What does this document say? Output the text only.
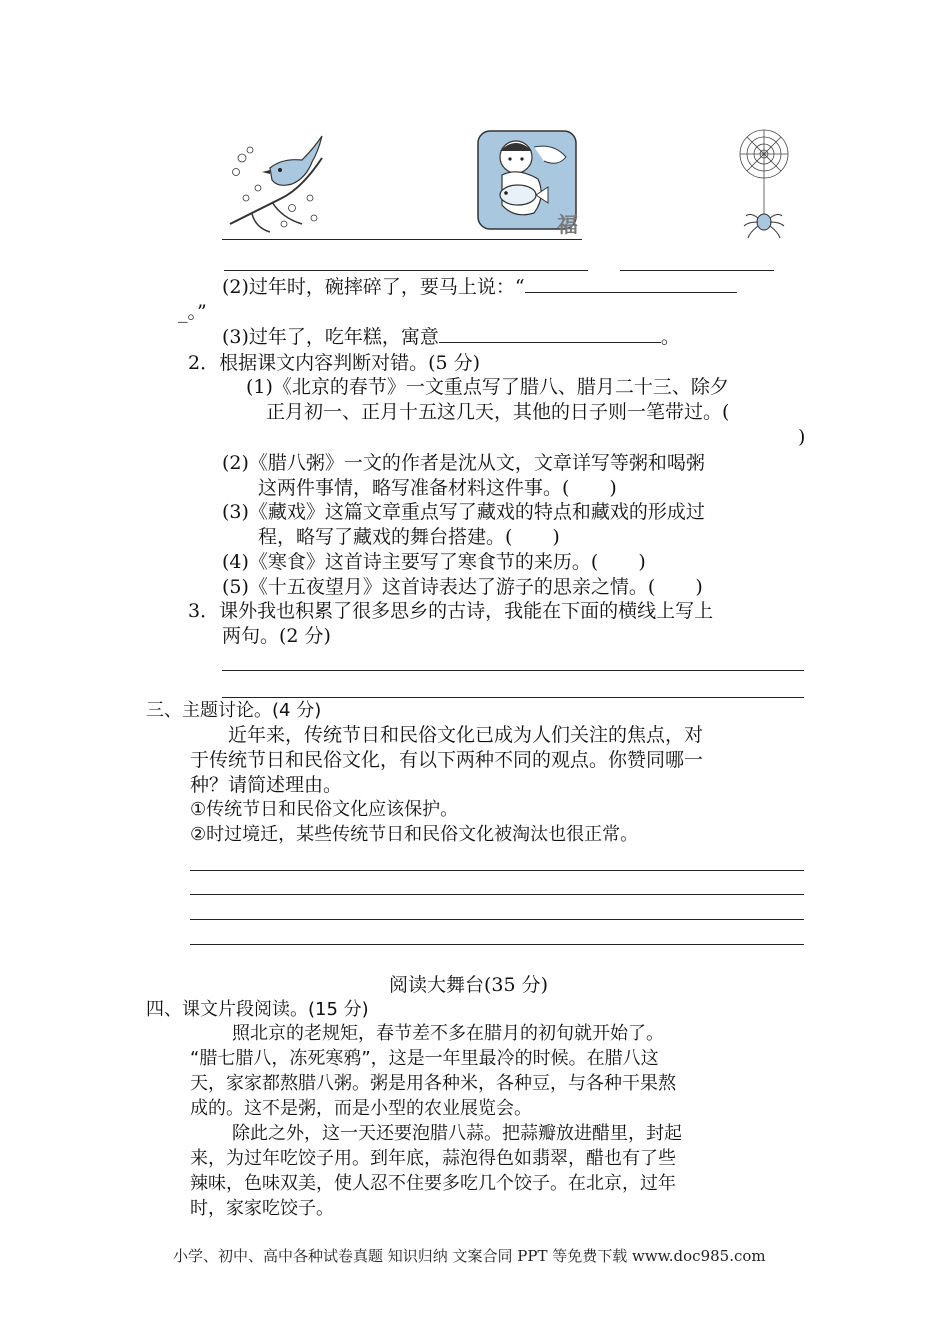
福
(2)过年时，碗摔碎了，要马上说：“
_。”
(3)过年了，吃年糕，寓意	。
2．根据课文内容判断对错。(5 分)
(1)《北京的春节》一文重点写了腊八、腊月二十三、除夕
正月初一、正月十五这几天，其他的日子则一笔带过。(
)
(2)《腊八粥》一文的作者是沈从文，文章详写等粥和喝粥
这两件事情，略写准备材料这件事。( )
(3)《藏戏》这篇文章重点写了藏戏的特点和藏戏的形成过
程，略写了藏戏的舞台搭建。( )
(4)《寒食》这首诗主要写了寒食节的来历。( )
(5)《十五夜望月》这首诗表达了游子的思亲之情。( )
3．课外我也积累了很多思乡的古诗，我能在下面的横线上写上
两句。(2 分)
三、主题讨论。(4 分)
近年来，传统节日和民俗文化已成为人们关注的焦点，对
于传统节日和民俗文化，有以下两种不同的观点。你赞同哪一
种？请简述理由。
①传统节日和民俗文化应该保护。
②时过境迁，某些传统节日和民俗文化被淘汰也很正常。
阅读大舞台(35 分)
四、课文片段阅读。(15 分)
照北京的老规矩，春节差不多在腊月的初旬就开始了。
“腊七腊八，冻死寒鸦”，这是一年里最冷的时候。在腊八这
天，家家都熬腊八粥。粥是用各种米，各种豆，与各种干果熬
成的。这不是粥，而是小型的农业展览会。
除此之外，这一天还要泡腊八蒜。把蒜瓣放进醋里，封起
来，为过年吃饺子用。到年底，蒜泡得色如翡翠，醋也有了些
辣味，色味双美，使人忍不住要多吃几个饺子。在北京，过年
时，家家吃饺子。
小学、初中、高中各种试卷真题 知识归纳 文案合同 PPT 等免费下载 www.doc985.com
